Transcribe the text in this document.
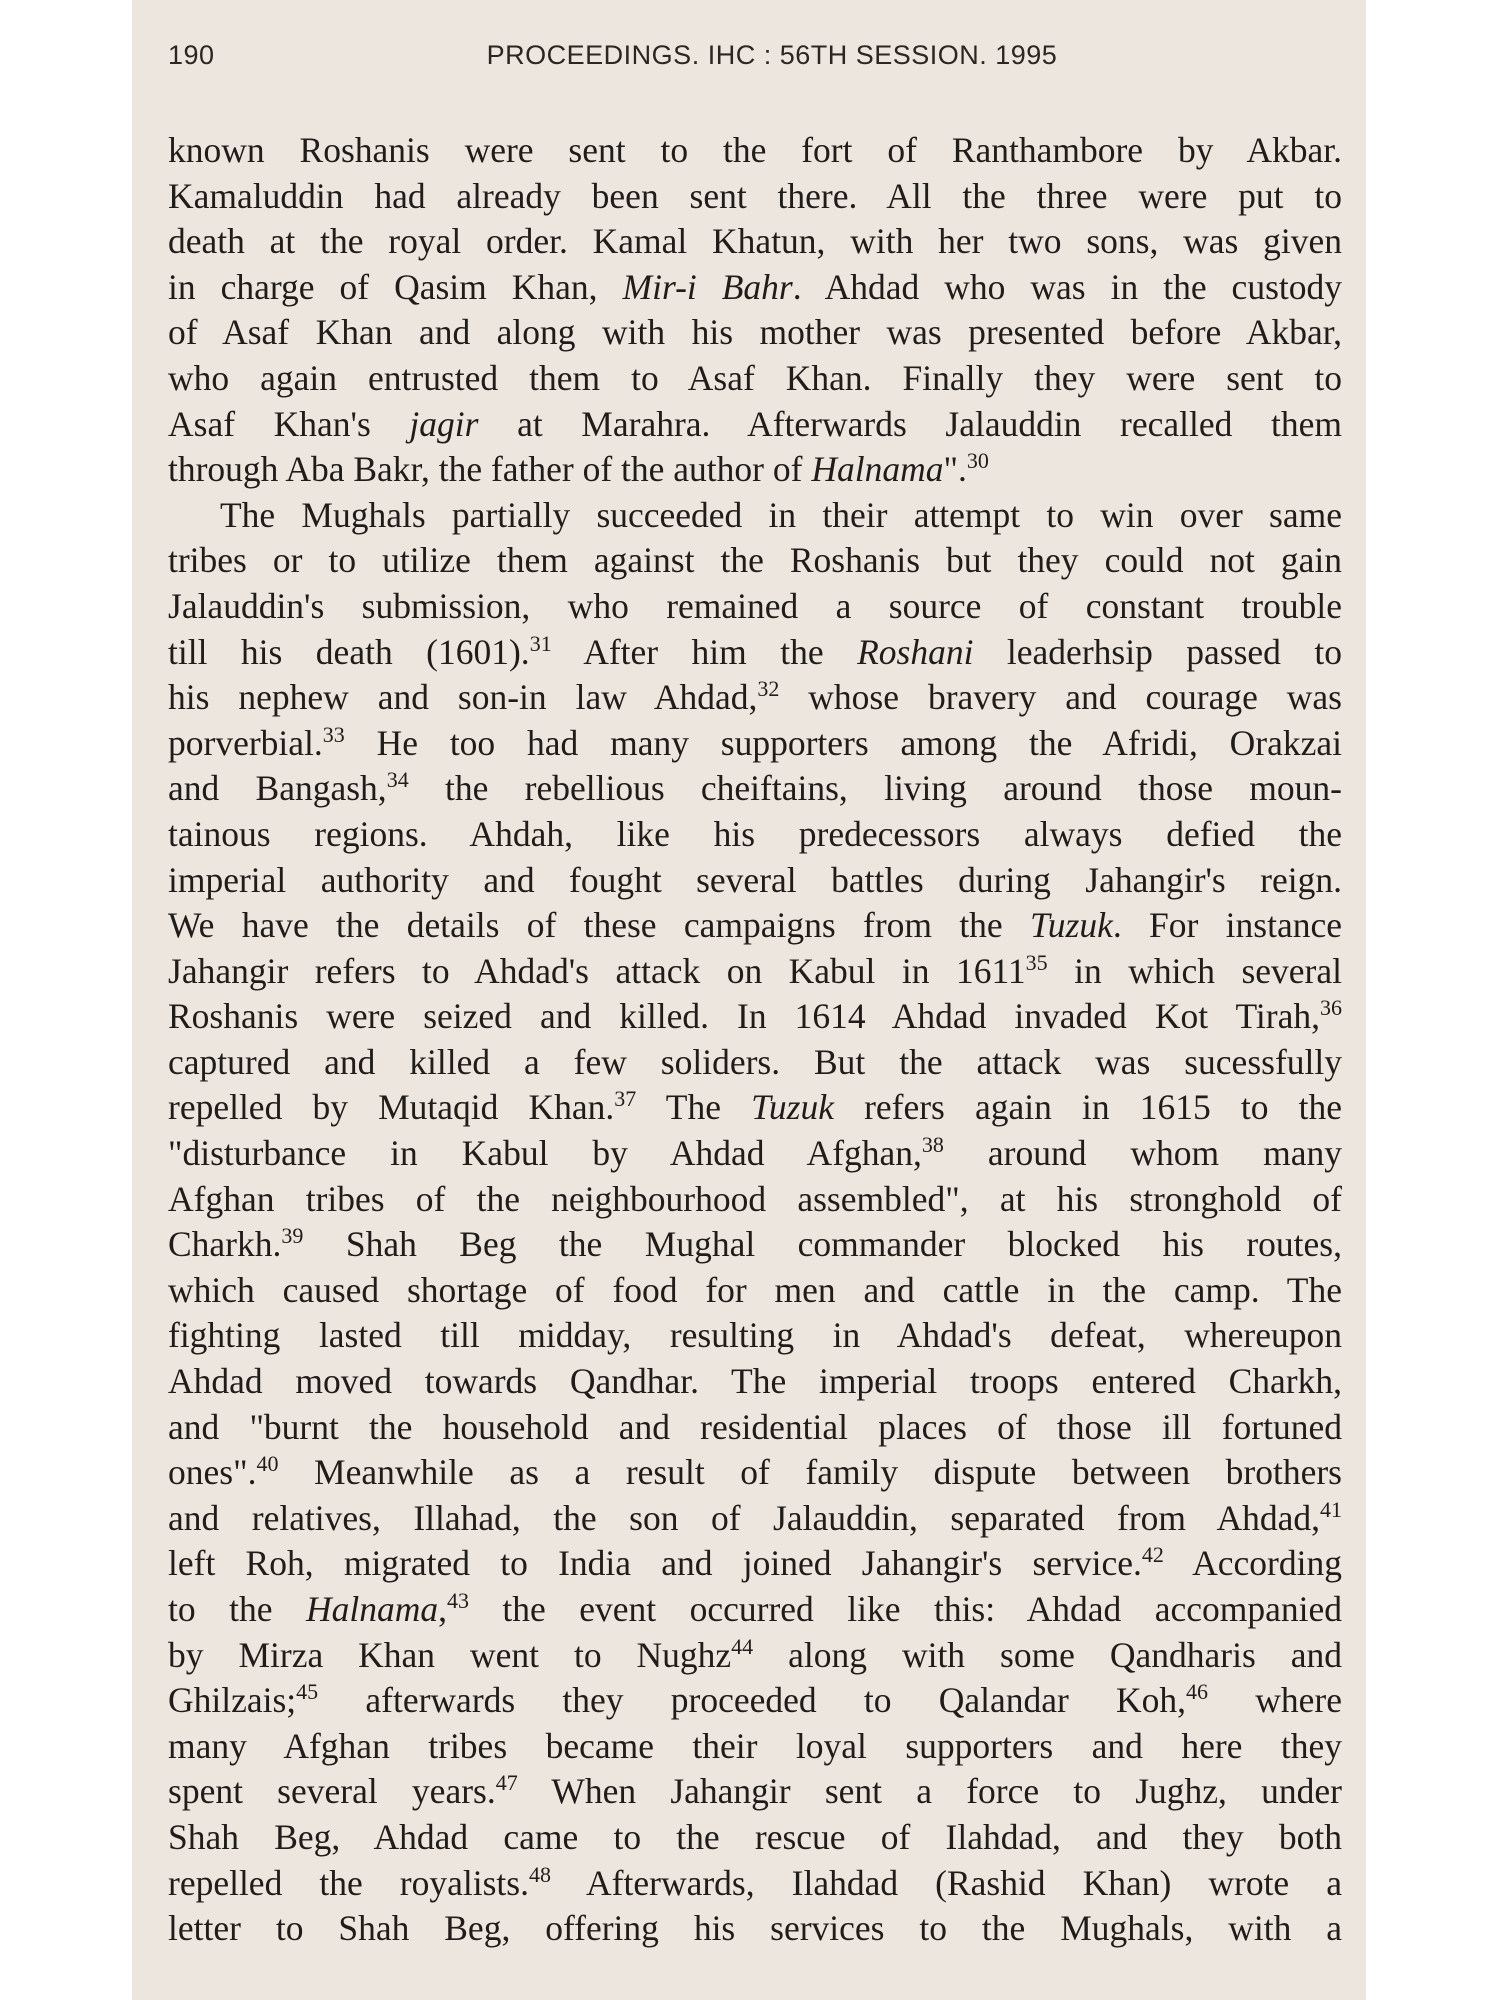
190	PROCEEDINGS. IHC : 56TH SESSION. 1995
known Roshanis were sent to the fort of Ranthambore by Akbar.
Kamaluddin had already been sent there. All the three were put to
death at the royal order. Kamal Khatun, with her two sons, was given
in charge of Qasim Khan, Mir-i Bahr. Ahdad who was in the custody
of Asaf Khan and along with his mother was presented before Akbar,
who again entrusted them to Asaf Khan. Finally they were sent to
Asaf Khan's jagir at Marahra. Afterwards Jalauddin recalled them
through Aba Bakr, the father of the author of Halnama".$^{30}$
The Mughals partially succeeded in their attempt to win over same
tribes or to utilize them against the Roshanis but they could not gain
Jalauddin's submission, who remained a source of constant trouble
till his death (1601).$^{31}$ After him the Roshani leaderhsip passed to
his nephew and son-in law Ahdad,$^{32}$ whose bravery and courage was
porverbial.$^{33}$ He too had many supporters among the Afridi, Orakzai
and Bangash,$^{34}$ the rebellious cheiftains, living around those moun-
tainous regions. Ahdah, like his predecessors always defied the
imperial authority and fought several battles during Jahangir's reign.
We have the details of these campaigns from the Tuzuk. For instance
Jahangir refers to Ahdad's attack on Kabul in 1611$^{35}$ in which several
Roshanis were seized and killed. In 1614 Ahdad invaded Kot Tirah,$^{36}$
captured and killed a few soliders. But the attack was sucessfully
repelled by Mutaqid Khan.$^{37}$ The Tuzuk refers again in 1615 to the
"disturbance in Kabul by Ahdad Afghan,$^{38}$ around whom many
Afghan tribes of the neighbourhood assembled", at his stronghold of
Charkh.$^{39}$ Shah Beg the Mughal commander blocked his routes,
which caused shortage of food for men and cattle in the camp. The
fighting lasted till midday, resulting in Ahdad's defeat, whereupon
Ahdad moved towards Qandhar. The imperial troops entered Charkh,
and "burnt the household and residential places of those ill fortuned
ones".$^{40}$ Meanwhile as a result of family dispute between brothers
and relatives, Illahad, the son of Jalauddin, separated from Ahdad,$^{41}$
left Roh, migrated to India and joined Jahangir's service.$^{42}$ According
to the Halnama,$^{43}$ the event occurred like this: Ahdad accompanied
by Mirza Khan went to Nughz$^{44}$ along with some Qandharis and
Ghilzais;$^{45}$ afterwards they proceeded to Qalandar Koh,$^{46}$ where
many Afghan tribes became their loyal supporters and here they
spent several years.$^{47}$ When Jahangir sent a force to Jughz, under
Shah Beg, Ahdad came to the rescue of Ilahdad, and they both
repelled the royalists.$^{48}$ Afterwards, Ilahdad (Rashid Khan) wrote a
letter to Shah Beg, offering his services to the Mughals, with a
